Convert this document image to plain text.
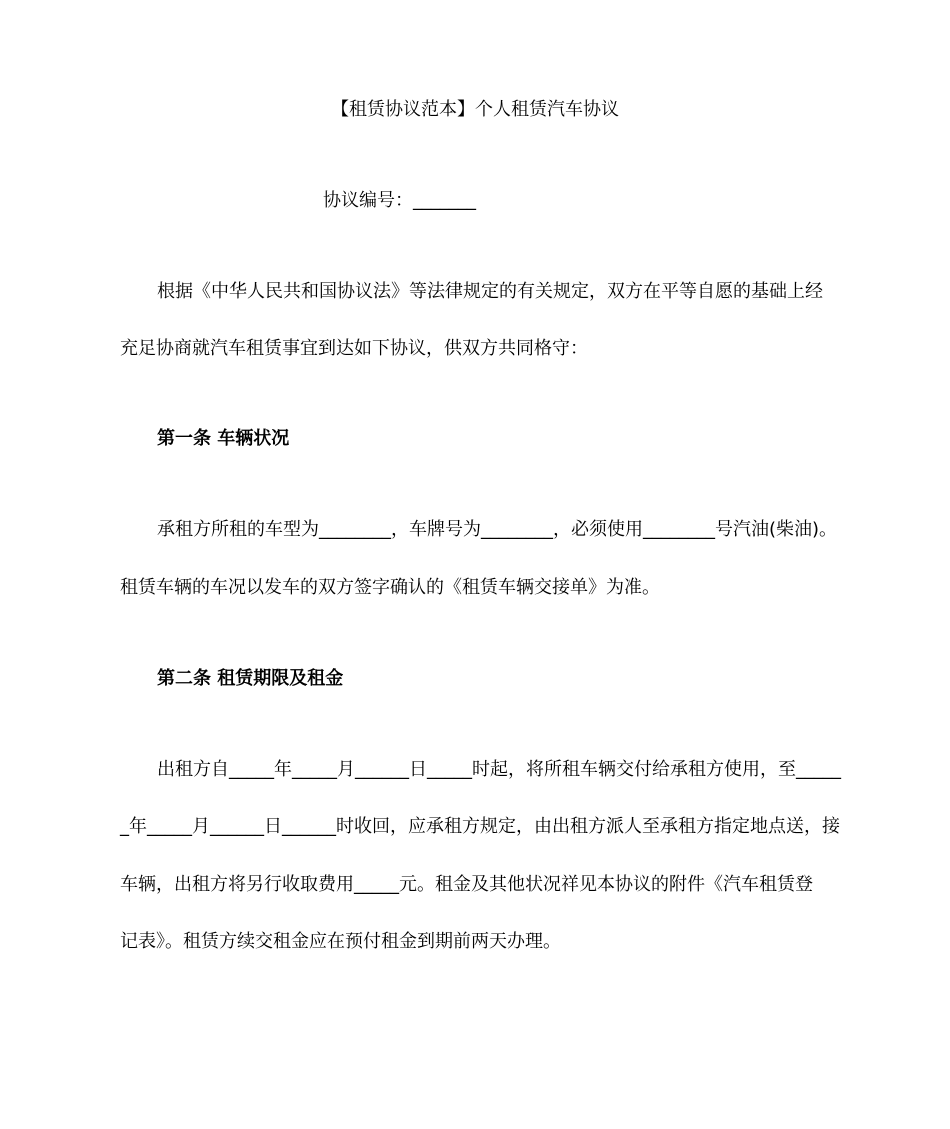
【租赁协议范本】个人租赁汽车协议
协议编号：_______
根据《中华人民共和国协议法》等法律规定的有关规定，双方在平等自愿的基础上经
充足协商就汽车租赁事宜到达如下协议，供双方共同格守：
第一条 车辆状况
承租方所租的车型为________，车牌号为________，必须使用________号汽油(柴油)。
租赁车辆的车况以发车的双方签字确认的《租赁车辆交接单》为准。
第二条 租赁期限及租金
出租方自_____年_____月______日_____时起，将所租车辆交付给承租方使用，至_____
_年_____月______日______时收回，应承租方规定，由出租方派人至承租方指定地点送，接
车辆，出租方将另行收取费用_____元。租金及其他状况祥见本协议的附件《汽车租赁登
记表》。租赁方续交租金应在预付租金到期前两天办理。
